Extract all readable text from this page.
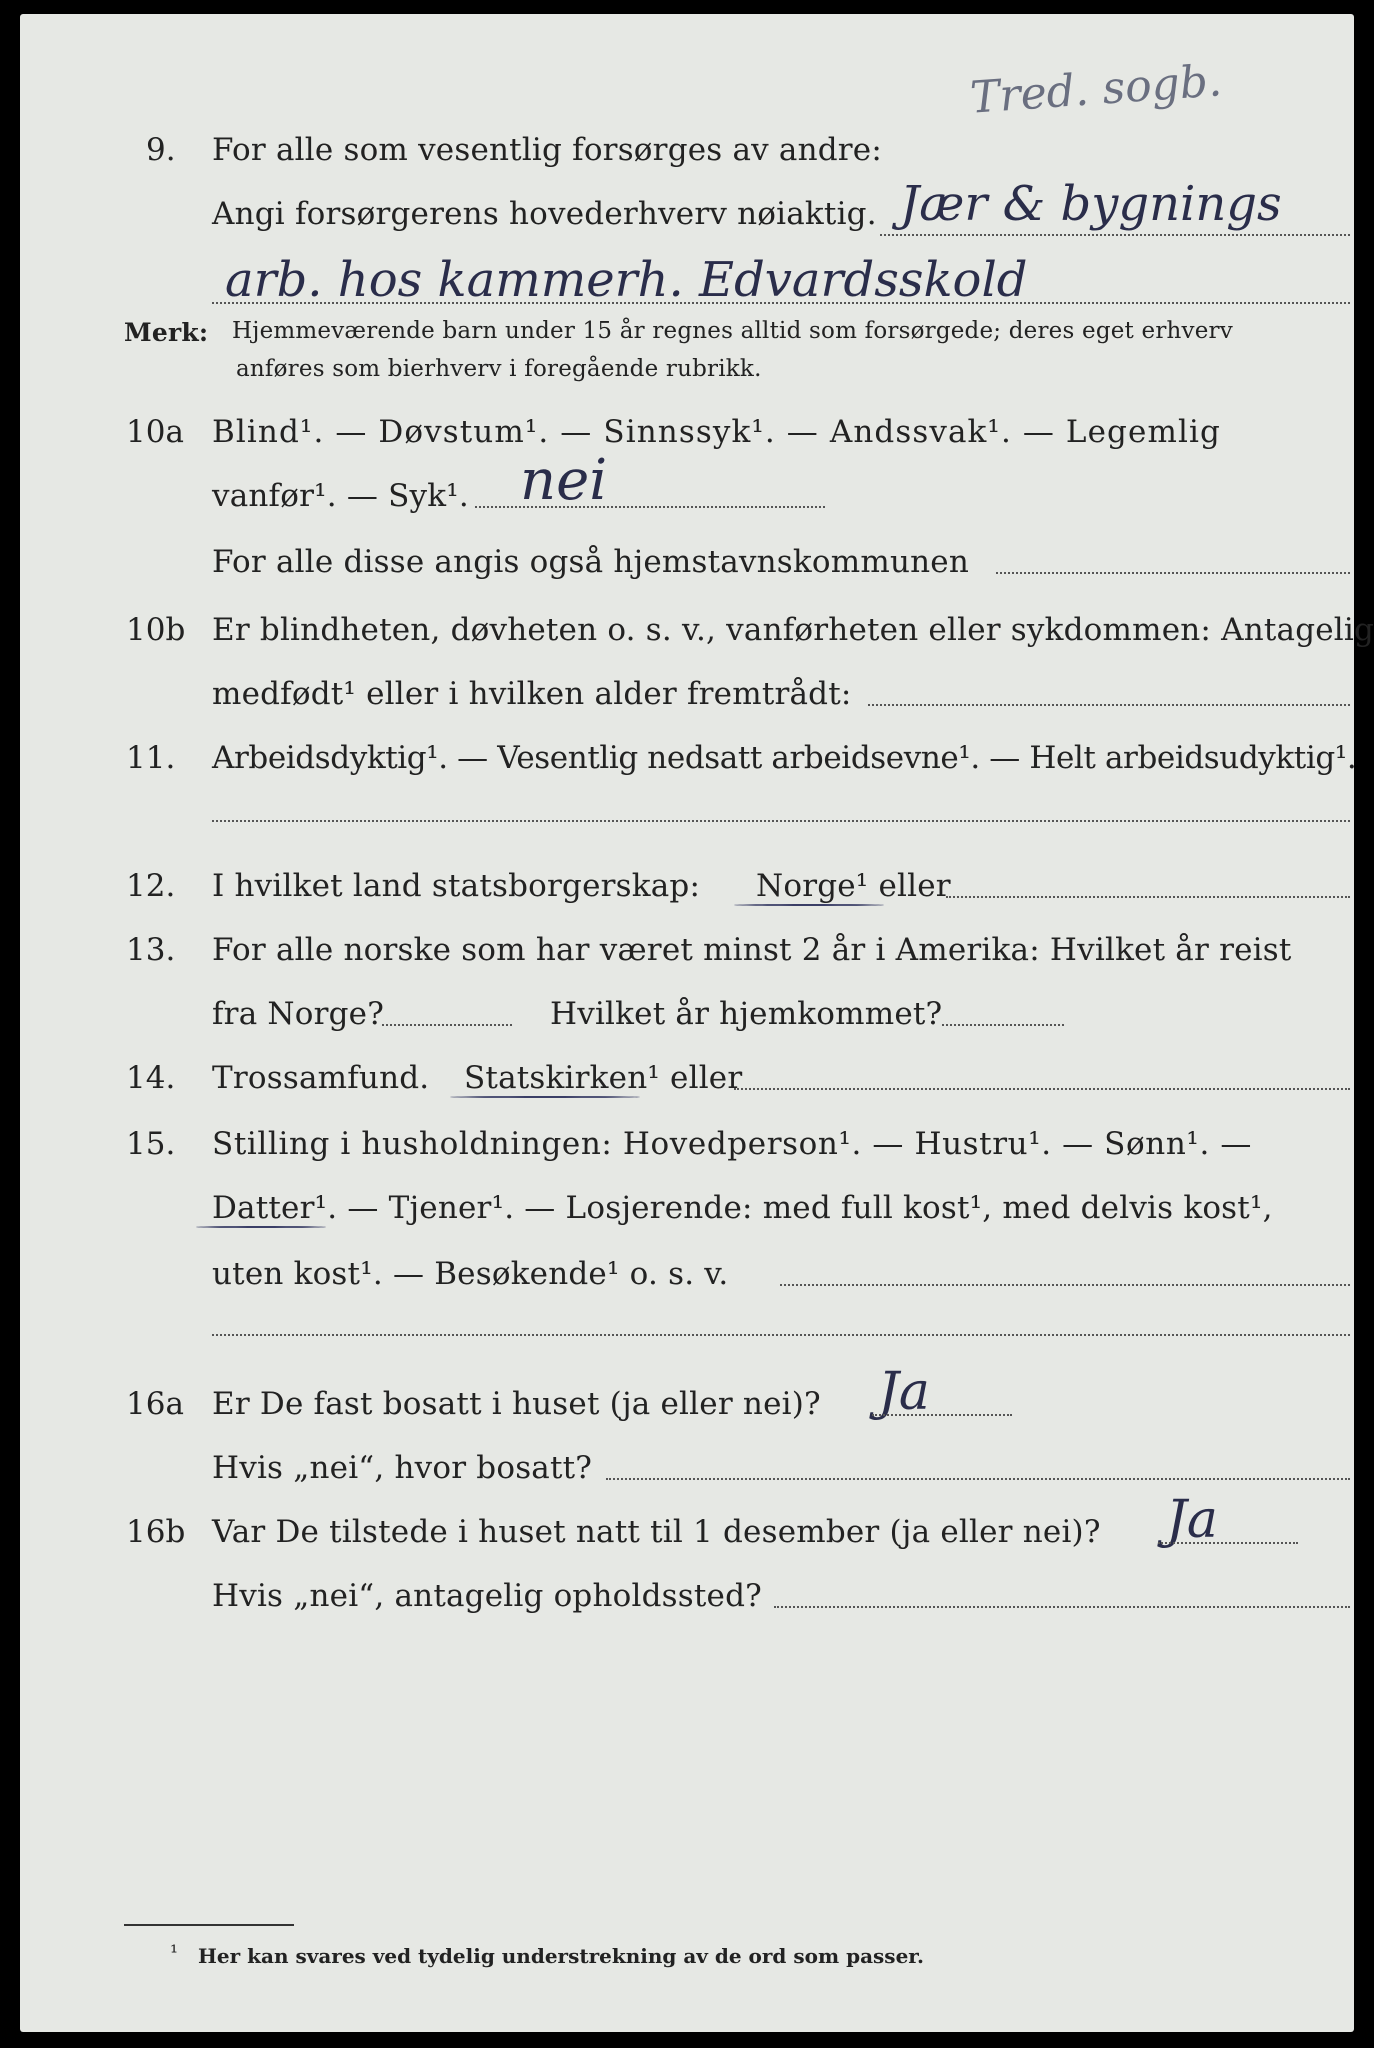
Tred. sogb.
9. For alle som vesentlig forsørges av andre:
Angi forsørgerens hovederhverv nøiaktig. Jær & bygnings
arb. hos kammerh. Edvardsskold
Merk: Hjemmeværende barn under 15 år regnes alltid som forsørgede; deres eget erhverv
anføres som bierhverv i foregående rubrikk.
10a Blind¹. — Døvstum¹. — Sinnssyk¹. — Andssvak¹. — Legemlig
vanfør¹. — Syk¹. nei
For alle disse angis også hjemstavnskommunen
10b Er blindheten, døvheten o. s. v., vanførheten eller sykdommen: Antagelig
medfødt¹ eller i hvilken alder fremtrådt:
11. Arbeidsdyktig¹. — Vesentlig nedsatt arbeidsevne¹. — Helt arbeidsudyktig¹.
12. I hvilket land statsborgerskap: Norge¹ eller
13. For alle norske som har været minst 2 år i Amerika: Hvilket år reist
fra Norge?	Hvilket år hjemkommet?
14. Trossamfund. Statskirken¹ eller
15. Stilling i husholdningen: Hovedperson¹. — Hustru¹. — Sønn¹. —
Datter¹. — Tjener¹. — Losjerende: med full kost¹, med delvis kost¹,
uten kost¹. — Besøkende¹ o. s. v.
16a Er De fast bosatt i huset (ja eller nei)? Ja
Hvis „nei“, hvor bosatt?
16b Var De tilstede i huset natt til 1 desember (ja eller nei)? Ja
Hvis „nei“, antagelig opholdssted?
¹ Her kan svares ved tydelig understrekning av de ord som passer.
